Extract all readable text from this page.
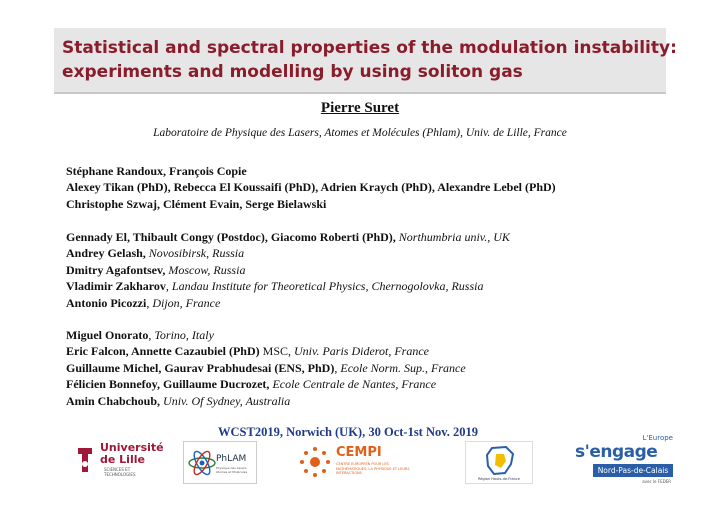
Statistical and spectral properties of the modulation instability:
experiments and modelling by using soliton gas
Pierre Suret
Laboratoire de Physique des Lasers, Atomes et Molécules (Phlam), Univ. de Lille, France
Stéphane Randoux, François Copie
Alexey Tikan (PhD), Rebecca El Koussaifi (PhD), Adrien Kraych (PhD), Alexandre Lebel (PhD)
Christophe Szwaj, Clément Evain, Serge Bielawski
Gennady El, Thibault Congy (Postdoc), Giacomo Roberti (PhD), Northumbria univ., UK
Andrey Gelash, Novosibirsk, Russia
Dmitry Agafontsev, Moscow, Russia
Vladimir Zakharov, Landau Institute for Theoretical Physics, Chernogolovka, Russia
Antonio Picozzi, Dijon, France
Miguel Onorato, Torino, Italy
Eric Falcon, Annette Cazaubiel (PhD) MSC, Univ. Paris Diderot, France
Guillaume Michel, Gaurav Prabhudesai (ENS, PhD), Ecole Norm. Sup., France
Félicien Bonnefoy, Guillaume Ducrozet, Ecole Centrale de Nantes, France
Amin Chabchoub, Univ. Of Sydney, Australia
WCST2019, Norwich (UK), 30 Oct-1st Nov. 2019
Université de Lille
SCIENCES ET TECHNOLOGIES
PhLAM
Physique des Lasers Atomes et Molécules
CEMPI
CENTRE EUROPÉEN POUR LES MATHÉMATIQUES, LA PHYSIQUE ET LEURS INTERACTIONS
Région Hauts-de-France
L'Europe
s'engage
Nord-Pas-de-Calais
avec le FEDER
